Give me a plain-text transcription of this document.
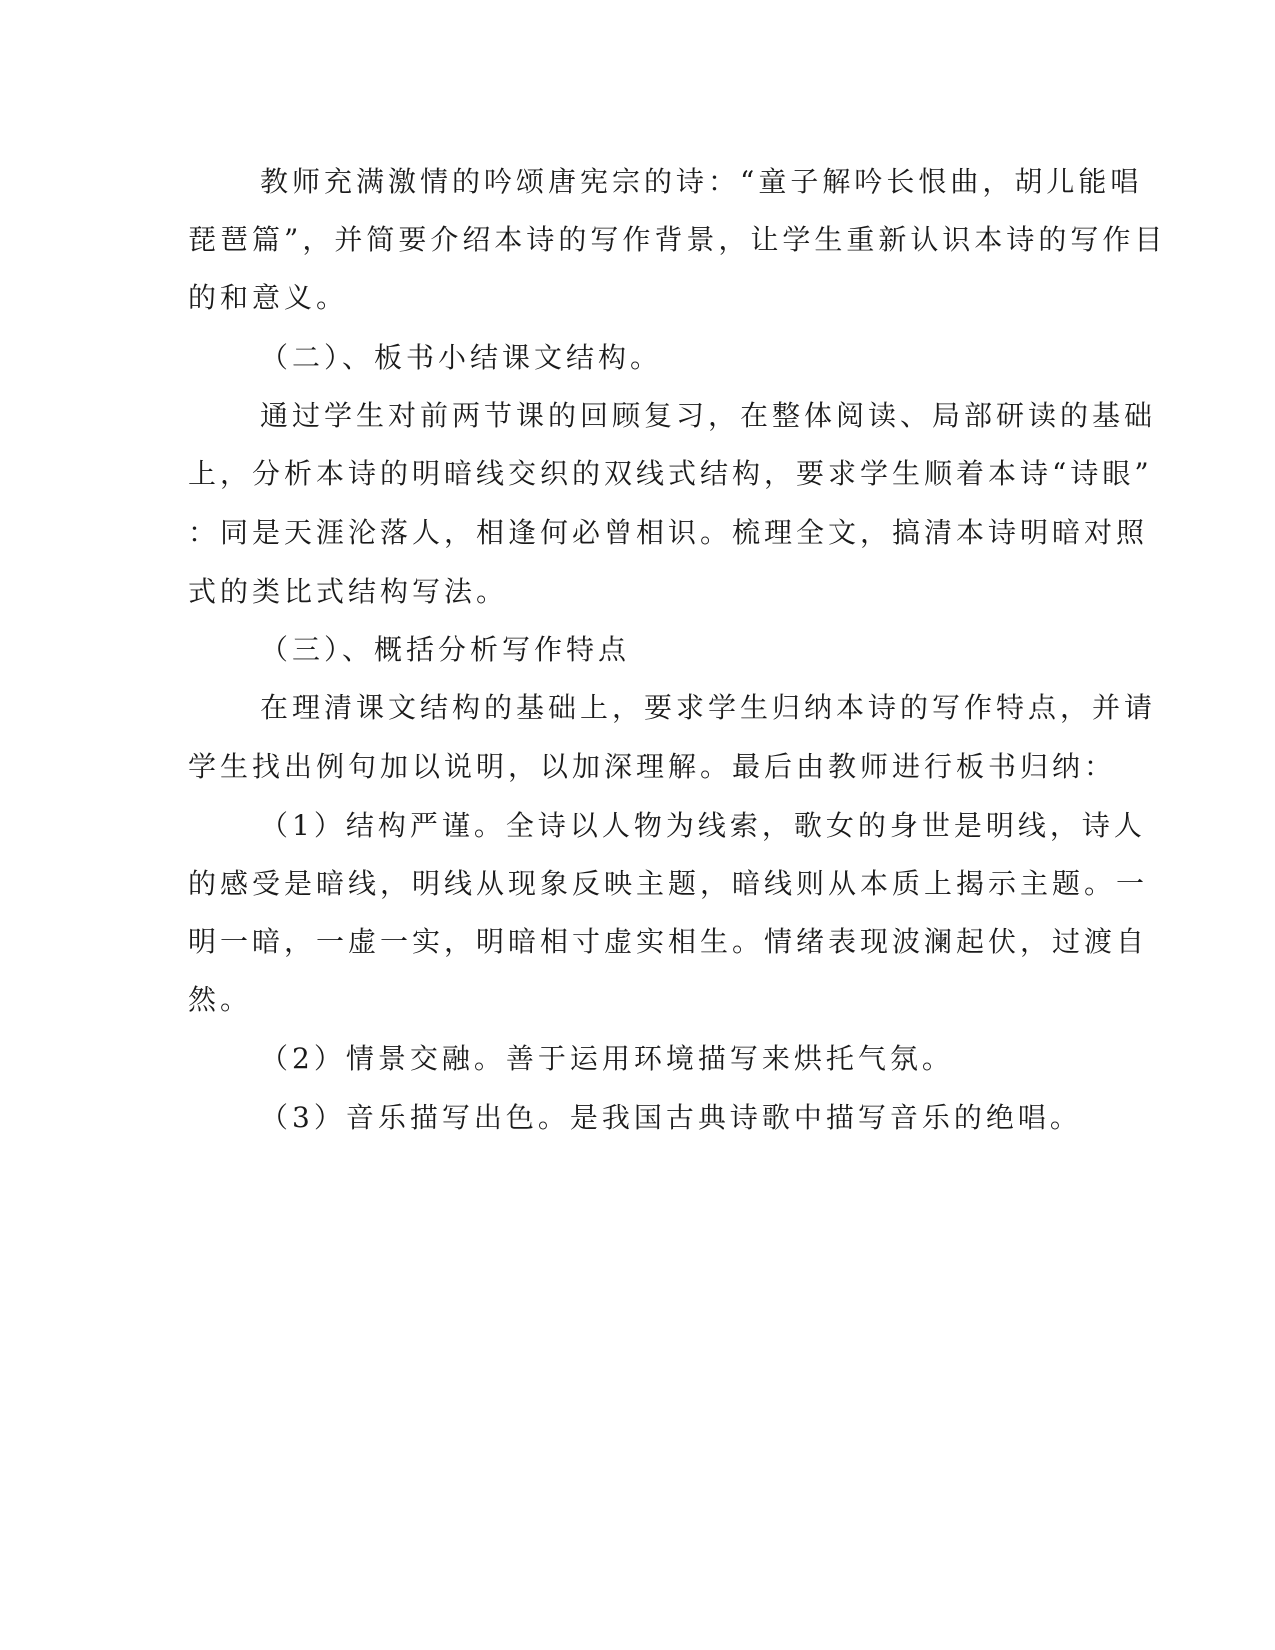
教师充满激情的吟颂唐宪宗的诗：“童子解吟长恨曲，胡儿能唱
琵琶篇”，并简要介绍本诗的写作背景，让学生重新认识本诗的写作目
的和意义。
（二）、板书小结课文结构。
通过学生对前两节课的回顾复习，在整体阅读、局部研读的基础
上，分析本诗的明暗线交织的双线式结构，要求学生顺着本诗“诗眼”
：同是天涯沦落人，相逢何必曾相识。梳理全文，搞清本诗明暗对照
式的类比式结构写法。
（三）、概括分析写作特点
在理清课文结构的基础上，要求学生归纳本诗的写作特点，并请
学生找出例句加以说明，以加深理解。最后由教师进行板书归纳：
（1）结构严谨。全诗以人物为线索，歌女的身世是明线，诗人
的感受是暗线，明线从现象反映主题，暗线则从本质上揭示主题。一
明一暗，一虚一实，明暗相寸虚实相生。情绪表现波澜起伏，过渡自
然。
（2）情景交融。善于运用环境描写来烘托气氛。
（3）音乐描写出色。是我国古典诗歌中描写音乐的绝唱。
